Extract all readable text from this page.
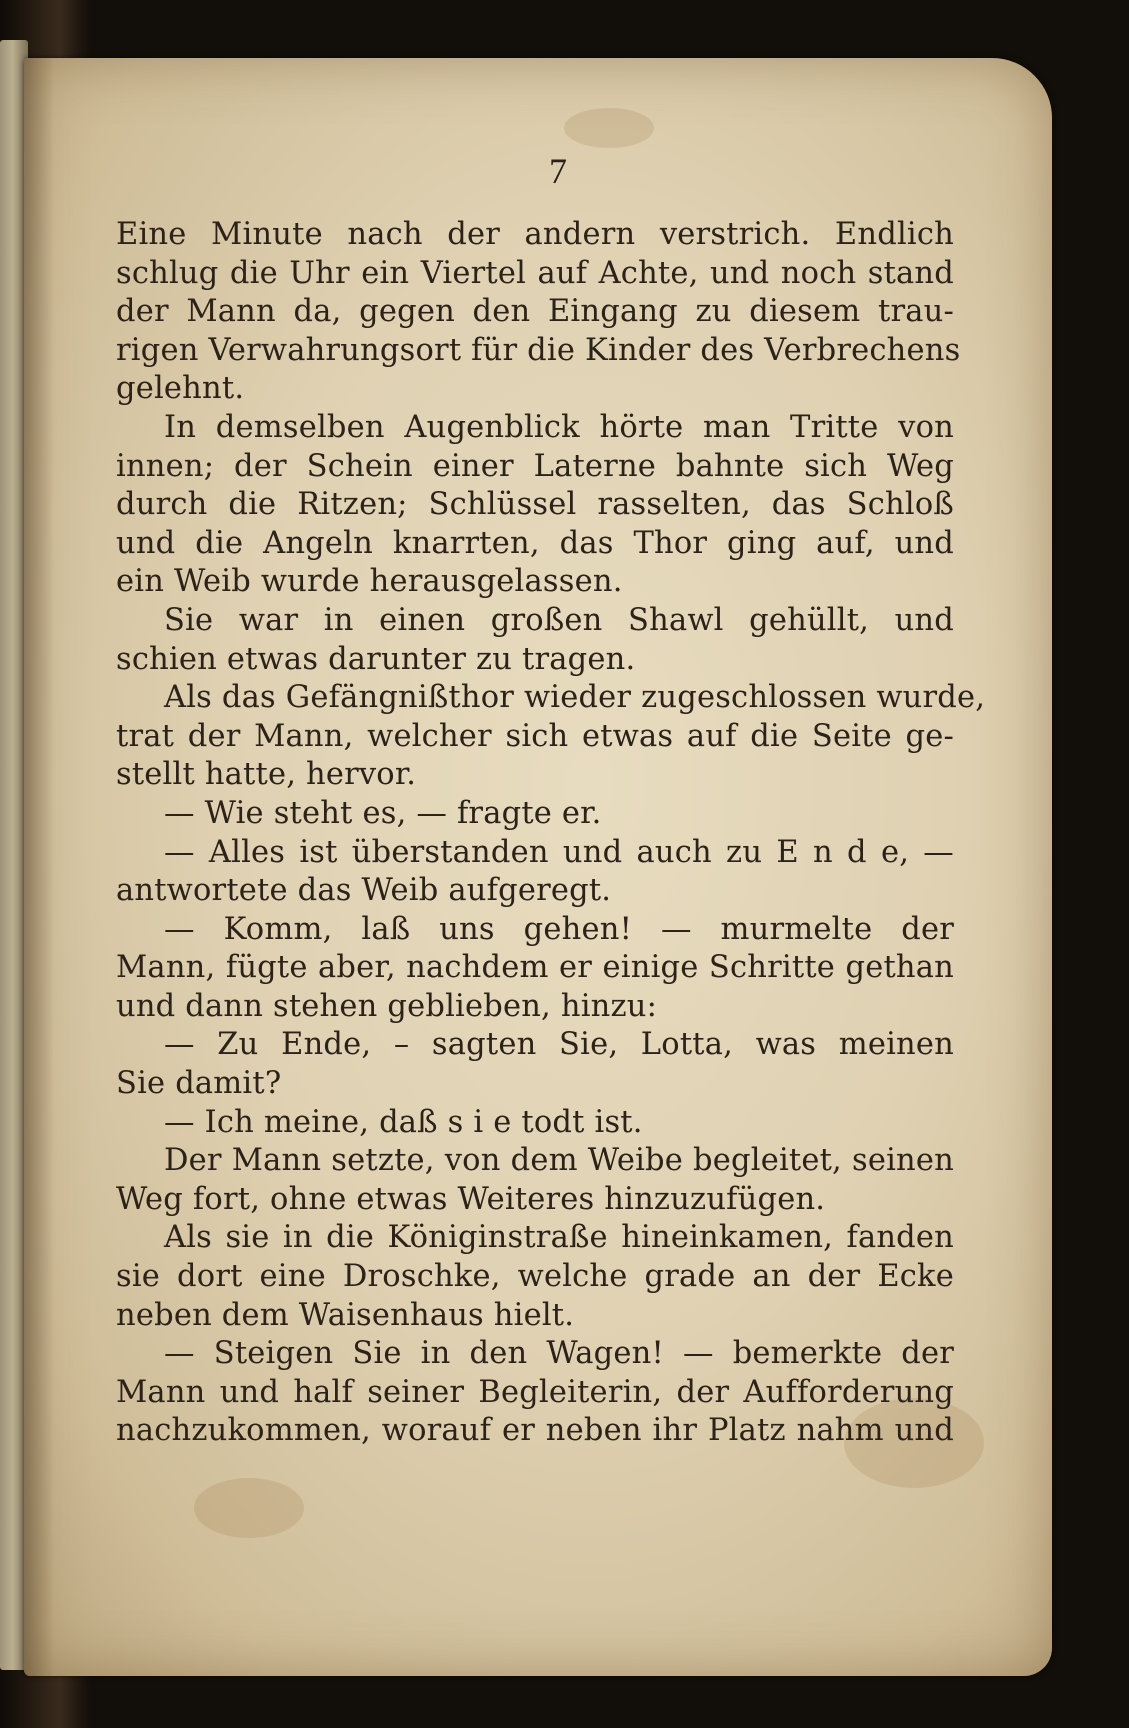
7
Eine Minute nach der andern verstrich. Endlich
schlug die Uhr ein Viertel auf Achte, und noch stand
der Mann da, gegen den Eingang zu diesem trau-
rigen Verwahrungsort für die Kinder des Verbrechens
gelehnt.
In demselben Augenblick hörte man Tritte von
innen; der Schein einer Laterne bahnte sich Weg
durch die Ritzen; Schlüssel rasselten, das Schloß
und die Angeln knarrten, das Thor ging auf, und
ein Weib wurde herausgelassen.
Sie war in einen großen Shawl gehüllt, und
schien etwas darunter zu tragen.
Als das Gefängnißthor wieder zugeschlossen wurde,
trat der Mann, welcher sich etwas auf die Seite ge-
stellt hatte, hervor.
— Wie steht es, — fragte er.
— Alles ist überstanden und auch zu E n d e, —
antwortete das Weib aufgeregt.
— Komm, laß uns gehen! — murmelte der
Mann, fügte aber, nachdem er einige Schritte gethan
und dann stehen geblieben, hinzu:
— Zu Ende, – sagten Sie, Lotta, was meinen
Sie damit?
— Ich meine, daß s i e todt ist.
Der Mann setzte, von dem Weibe begleitet, seinen
Weg fort, ohne etwas Weiteres hinzuzufügen.
Als sie in die Königinstraße hineinkamen, fanden
sie dort eine Droschke, welche grade an der Ecke
neben dem Waisenhaus hielt.
— Steigen Sie in den Wagen! — bemerkte der
Mann und half seiner Begleiterin, der Aufforderung
nachzukommen, worauf er neben ihr Platz nahm und
